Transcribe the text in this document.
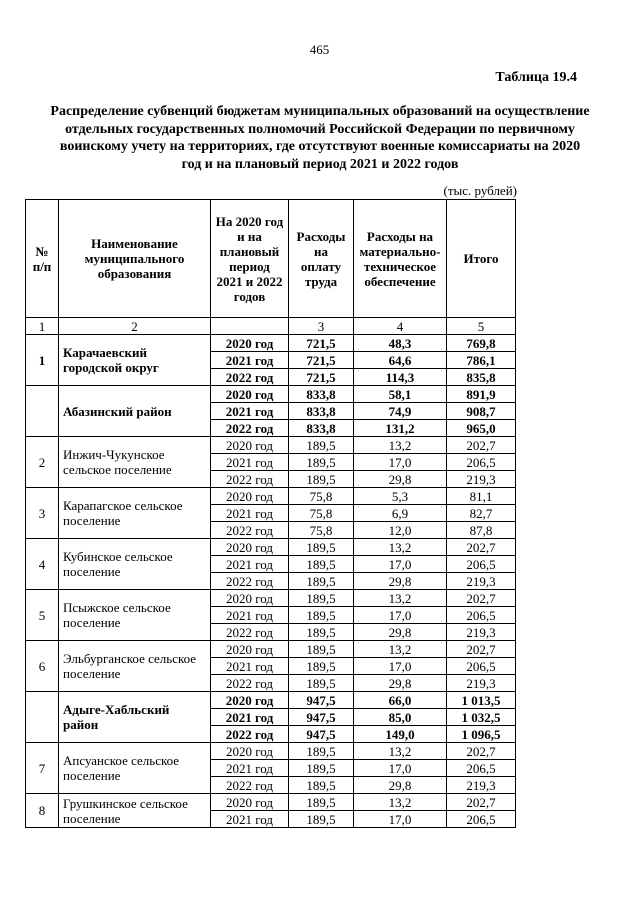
465
Таблица 19.4
Распределение субвенций бюджетам муниципальных образований на осуществление отдельных государственных полномочий Российской Федерации по первичному воинскому учету на территориях, где отсутствуют военные комиссариаты на 2020 год и на плановый период 2021 и 2022 годов
(тыс. рублей)
№ п/п	Наименование муниципального образования	На 2020 год и на плановый период 2021 и 2022 годов	Расходы на оплату труда	Расходы на материально-техническое обеспечение	Итого
1	2		3	4	5
1	Карачаевский городской округ	2020 год	721,5	48,3	769,8
		2021 год	721,5	64,6	786,1
		2022 год	721,5	114,3	835,8
	Абазинский район	2020 год	833,8	58,1	891,9
		2021 год	833,8	74,9	908,7
		2022 год	833,8	131,2	965,0
2	Инжич-Чукунское сельское поселение	2020 год	189,5	13,2	202,7
		2021 год	189,5	17,0	206,5
		2022 год	189,5	29,8	219,3
3	Карапагское сельское поселение	2020 год	75,8	5,3	81,1
		2021 год	75,8	6,9	82,7
		2022 год	75,8	12,0	87,8
4	Кубинское сельское поселение	2020 год	189,5	13,2	202,7
		2021 год	189,5	17,0	206,5
		2022 год	189,5	29,8	219,3
5	Псыжское сельское поселение	2020 год	189,5	13,2	202,7
		2021 год	189,5	17,0	206,5
		2022 год	189,5	29,8	219,3
6	Эльбурганское сельское поселение	2020 год	189,5	13,2	202,7
		2021 год	189,5	17,0	206,5
		2022 год	189,5	29,8	219,3
	Адыге-Хабльский район	2020 год	947,5	66,0	1 013,5
		2021 год	947,5	85,0	1 032,5
		2022 год	947,5	149,0	1 096,5
7	Апсуанское сельское поселение	2020 год	189,5	13,2	202,7
		2021 год	189,5	17,0	206,5
		2022 год	189,5	29,8	219,3
8	Грушкинское сельское поселение	2020 год	189,5	13,2	202,7
		2021 год	189,5	17,0	206,5
